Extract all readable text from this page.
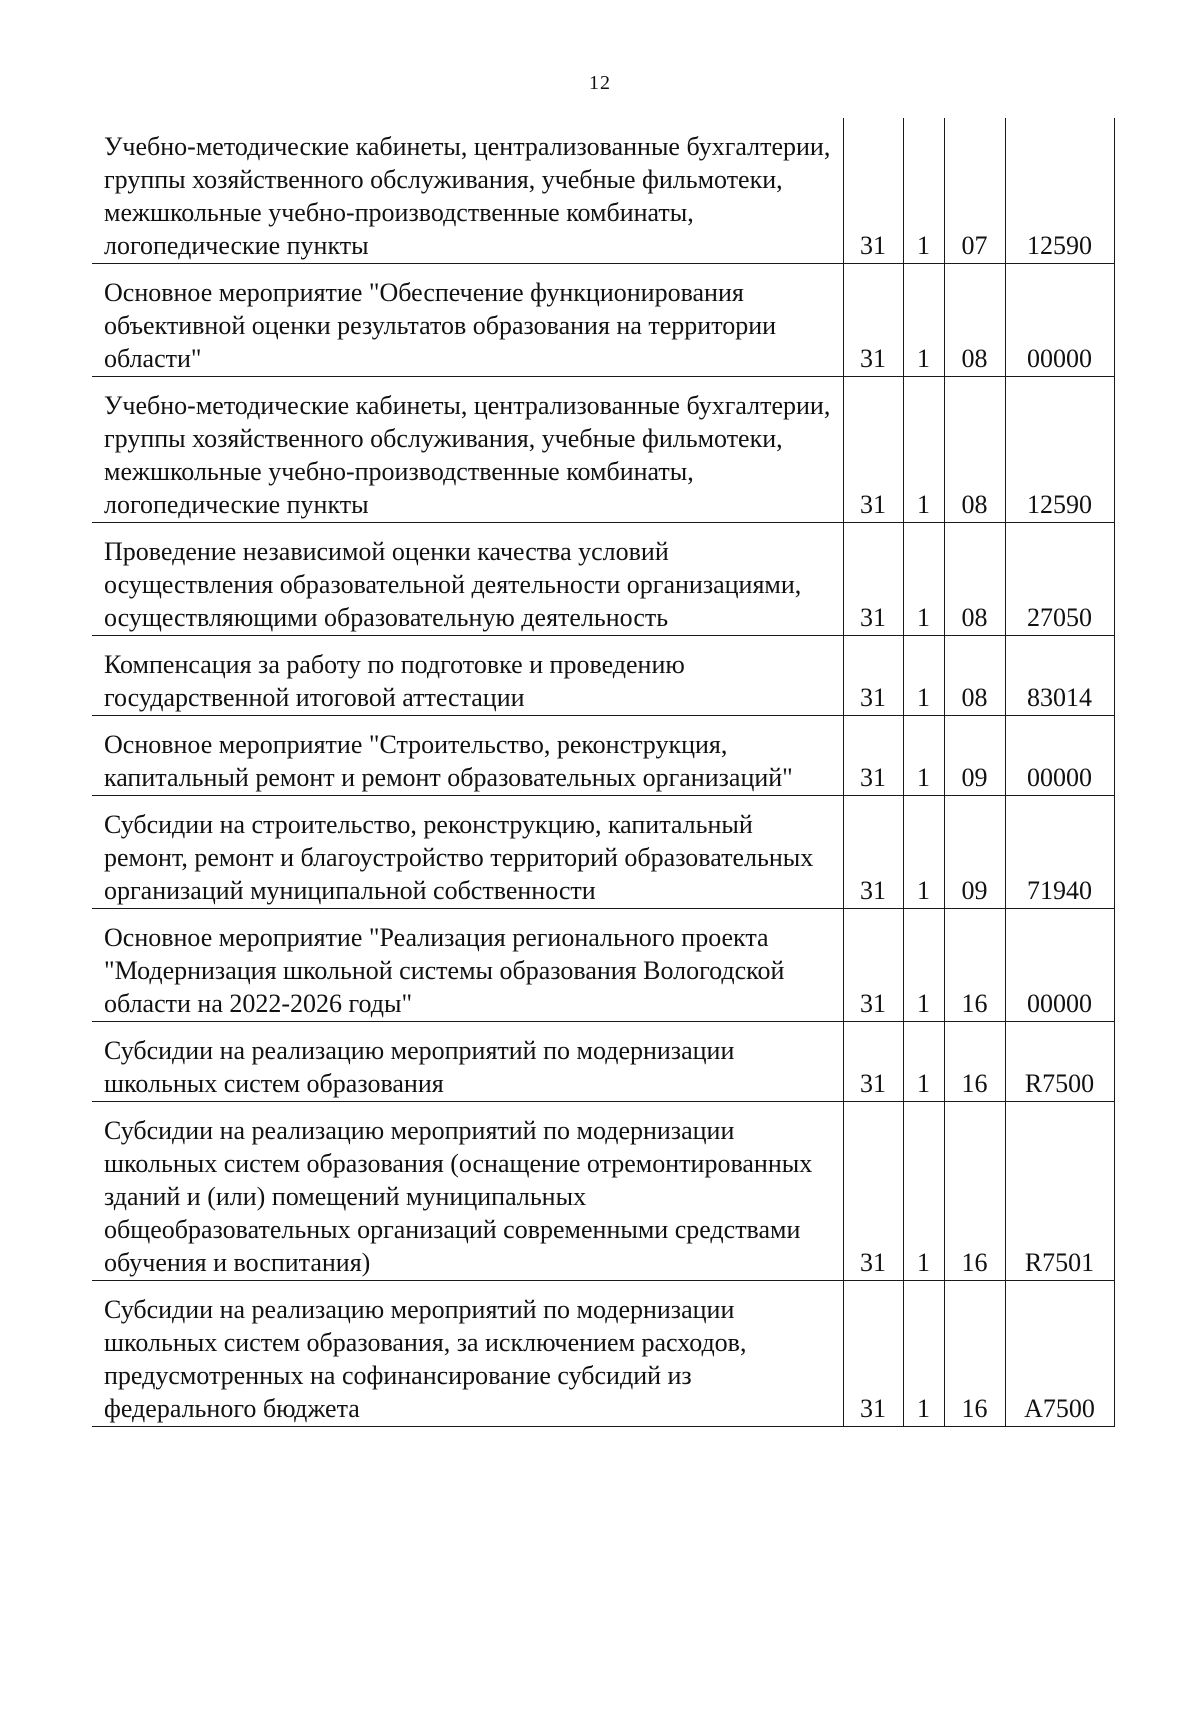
12
Учебно-методические кабинеты, централизованные бухгалтерии, группы хозяйственного обслуживания, учебные фильмотеки, межшкольные учебно-производственные комбинаты, логопедические пункты	31	1	07	12590
Основное мероприятие "Обеспечение функционирования объективной оценки результатов образования на территории области"	31	1	08	00000
Учебно-методические кабинеты, централизованные бухгалтерии, группы хозяйственного обслуживания, учебные фильмотеки, межшкольные учебно-производственные комбинаты, логопедические пункты	31	1	08	12590
Проведение независимой оценки качества условий осуществления образовательной деятельности организациями, осуществляющими образовательную деятельность	31	1	08	27050
Компенсация за работу по подготовке и проведению государственной итоговой аттестации	31	1	08	83014
Основное мероприятие "Строительство, реконструкция, капитальный ремонт и ремонт образовательных организаций"	31	1	09	00000
Субсидии на строительство, реконструкцию, капитальный ремонт, ремонт и благоустройство территорий образовательных организаций муниципальной собственности	31	1	09	71940
Основное мероприятие "Реализация регионального проекта "Модернизация школьной системы образования Вологодской области на 2022-2026 годы"	31	1	16	00000
Субсидии на реализацию мероприятий по модернизации школьных систем образования	31	1	16	R7500
Субсидии на реализацию мероприятий по модернизации школьных систем образования (оснащение отремонтированных зданий и (или) помещений муниципальных общеобразовательных организаций современными средствами обучения и воспитания)	31	1	16	R7501
Субсидии на реализацию мероприятий по модернизации школьных систем образования, за исключением расходов, предусмотренных на софинансирование субсидий из федерального бюджета	31	1	16	A7500
